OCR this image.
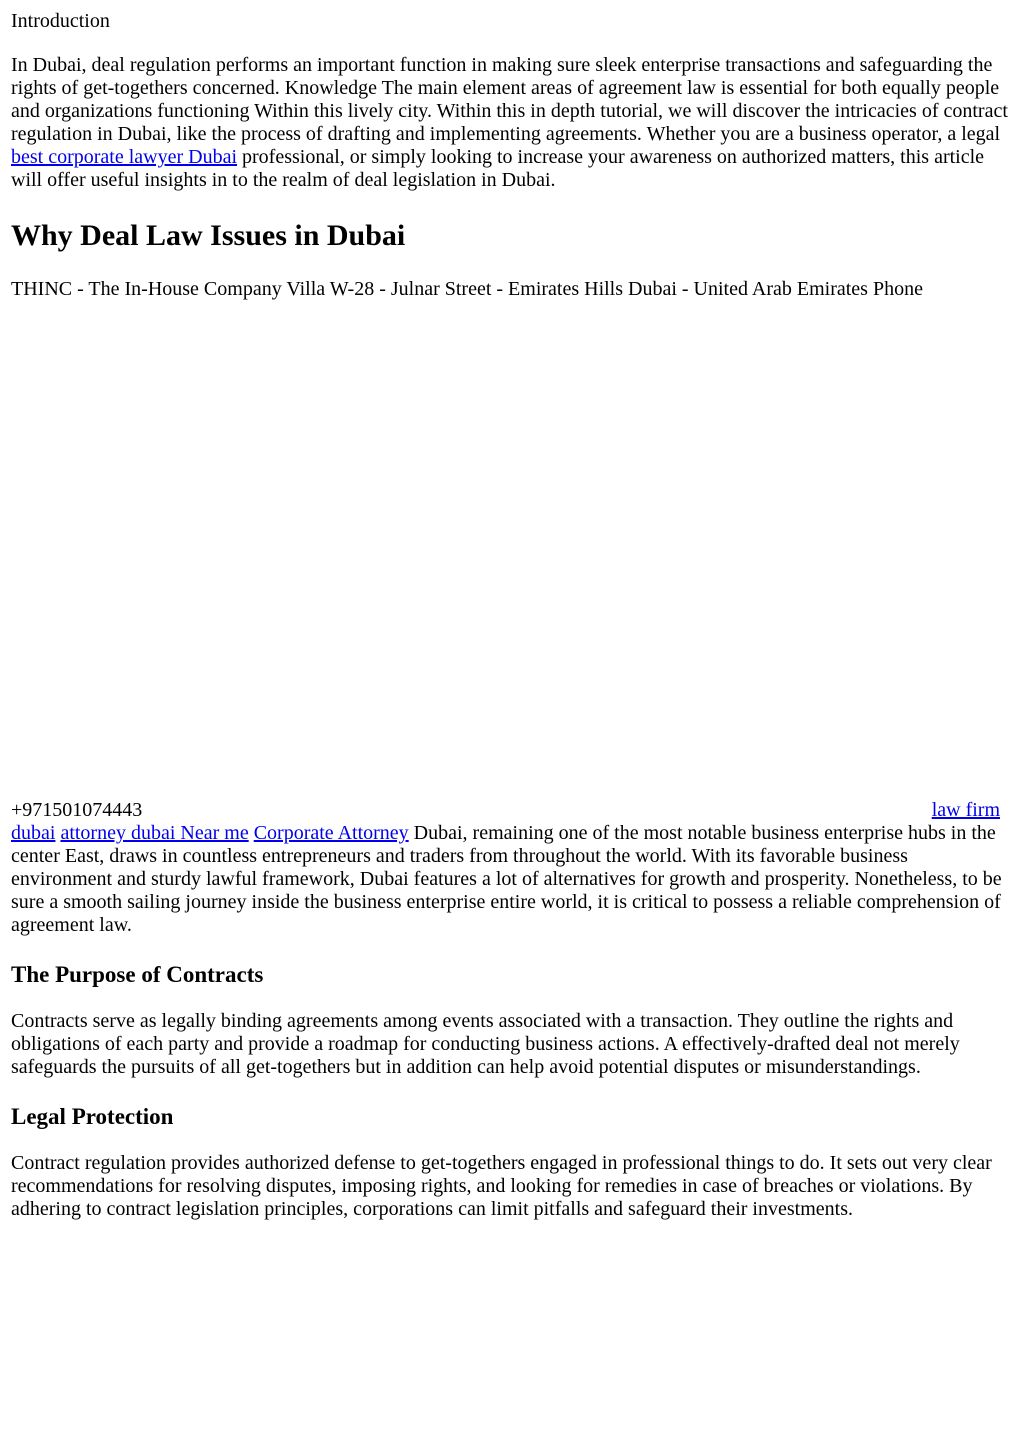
Introduction

In Dubai, deal regulation performs an important function in making sure sleek enterprise transactions and safeguarding the rights of get-togethers concerned. Knowledge The main element areas of agreement law is essential for both equally people and organizations functioning Within this lively city. Within this in depth tutorial, we will discover the intricacies of contract regulation in Dubai, like the process of drafting and implementing agreements. Whether you are a business operator, a legal best corporate lawyer Dubai professional, or simply looking to increase your awareness on authorized matters, this article will offer useful insights in to the realm of deal legislation in Dubai.

Why Deal Law Issues in Dubai

THINC - The In-House Company Villa W-28 - Julnar Street - Emirates Hills Dubai - United Arab Emirates Phone

+971501074443	law firm

dubai attorney dubai Near me Corporate Attorney Dubai, remaining one of the most notable business enterprise hubs in the center East, draws in countless entrepreneurs and traders from throughout the world. With its favorable business environment and sturdy lawful framework, Dubai features a lot of alternatives for growth and prosperity. Nonetheless, to be sure a smooth sailing journey inside the business enterprise entire world, it is critical to possess a reliable comprehension of agreement law.

The Purpose of Contracts

Contracts serve as legally binding agreements among events associated with a transaction. They outline the rights and obligations of each party and provide a roadmap for conducting business actions. A effectively-drafted deal not merely safeguards the pursuits of all get-togethers but in addition can help avoid potential disputes or misunderstandings.

Legal Protection

Contract regulation provides authorized defense to get-togethers engaged in professional things to do. It sets out very clear recommendations for resolving disputes, imposing rights, and looking for remedies in case of breaches or violations. By adhering to contract legislation principles, corporations can limit pitfalls and safeguard their investments.
